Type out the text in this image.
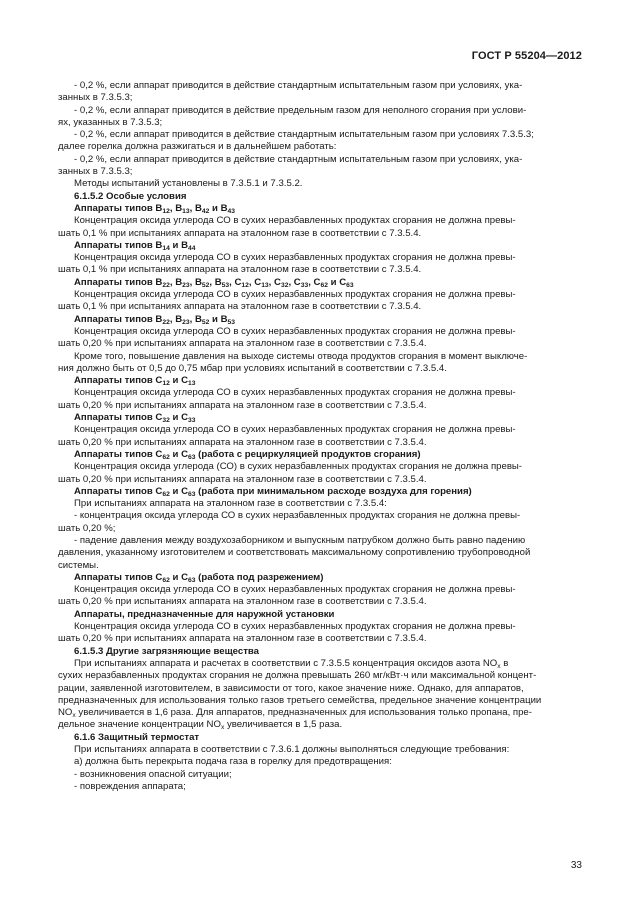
ГОСТ Р 55204—2012

- 0,2 %, если аппарат приводится в действие стандартным испытательным газом при условиях, ука-

занных в 7.3.5.3;

- 0,2 %, если аппарат приводится в действие предельным газом для неполного сгорания при услови-

ях, указанных в 7.3.5.3;

- 0,2 %, если аппарат приводится в действие стандартным испытательным газом при условиях 7.3.5.3;

далее горелка должна разжигаться и в дальнейшем работать:

- 0,2 %, если аппарат приводится в действие стандартным испытательным газом при условиях, ука-

занных в 7.3.5.3;

Методы испытаний установлены в 7.3.5.1 и 7.3.5.2.

6.1.5.2 Особые условия

Аппараты типов $B_{12}$, $B_{13}$, $B_{42}$ и $B_{43}$

Концентрация оксида углерода СО в сухих неразбавленных продуктах сгорания не должна превы-

шать 0,1 % при испытаниях аппарата на эталонном газе в соответствии с 7.3.5.4.

Аппараты типов $B_{14}$ и $B_{44}$

Концентрация оксида углерода СО в сухих неразбавленных продуктах сгорания не должна превы-

шать 0,1 % при испытаниях аппарата на эталонном газе в соответствии с 7.3.5.4.

Аппараты типов $B_{22}$, $B_{23}$, $B_{52}$, $B_{53}$, $C_{12}$, $C_{13}$, $C_{32}$, $C_{33}$, $C_{62}$ и $C_{63}$

Концентрация оксида углерода СО в сухих неразбавленных продуктах сгорания не должна превы-

шать 0,1 % при испытаниях аппарата на эталонном газе в соответствии с 7.3.5.4.

Аппараты типов $B_{22}$, $B_{23}$, $B_{52}$ и $B_{53}$

Концентрация оксида углерода СО в сухих неразбавленных продуктах сгорания не должна превы-

шать 0,20 % при испытаниях аппарата на эталонном газе в соответствии с 7.3.5.4.

Кроме того, повышение давления на выходе системы отвода продуктов сгорания в момент выключе-

ния должно быть от 0,5 до 0,75 мбар при условиях испытаний в соответствии с 7.3.5.4.

Аппараты типов $C_{12}$ и $C_{13}$

Концентрация оксида углерода СО в сухих неразбавленных продуктах сгорания не должна превы-

шать 0,20 % при испытаниях аппарата на эталонном газе в соответствии с 7.3.5.4.

Аппараты типов $C_{32}$ и $C_{33}$

Концентрация оксида углерода СО в сухих неразбавленных продуктах сгорания не должна превы-

шать 0,20 % при испытаниях аппарата на эталонном газе в соответствии с 7.3.5.4.

Аппараты типов $C_{62}$ и $C_{63}$ (работа с рециркуляцией продуктов сгорания)

Концентрация оксида углерода (СО) в сухих неразбавленных продуктах сгорания не должна превы-

шать 0,20 % при испытаниях аппарата на эталонном газе в соответствии с 7.3.5.4.

Аппараты типов $C_{62}$ и $C_{63}$ (работа при минимальном расходе воздуха для горения)

При испытаниях аппарата на эталонном газе в соответствии с 7.3.5.4:

- концентрация оксида углерода СО в сухих неразбавленных продуктах сгорания не должна превы-

шать 0,20 %;

- падение давления между воздухозаборником и выпускным патрубком должно быть равно падению

давления, указанному изготовителем и соответствовать максимальному сопротивлению трубопроводной

системы.

Аппараты типов $C_{62}$ и $C_{63}$ (работа под разрежением)

Концентрация оксида углерода СО в сухих неразбавленных продуктах сгорания не должна превы-

шать 0,20 % при испытаниях аппарата на эталонном газе в соответствии с 7.3.5.4.

Аппараты, предназначенные для наружной установки

Концентрация оксида углерода СО в сухих неразбавленных продуктах сгорания не должна превы-

шать 0,20 % при испытаниях аппарата на эталонном газе в соответствии с 7.3.5.4.

6.1.5.3 Другие загрязняющие вещества

При испытаниях аппарата и расчетах в соответствии с 7.3.5.5 концентрация оксидов азота $NO_x$ в

сухих неразбавленных продуктах сгорания не должна превышать 260 мг/кВт·ч или максимальной концент-

рации, заявленной изготовителем, в зависимости от того, какое значение ниже. Однако, для аппаратов,

предназначенных для использования только газов третьего семейства, предельное значение концентрации

$NO_x$ увеличивается в 1,6 раза. Для аппаратов, предназначенных для использования только пропана, пре-

дельное значение концентрации $NO_x$ увеличивается в 1,5 раза.

6.1.6 Защитный термостат

При испытаниях аппарата в соответствии с 7.3.6.1 должны выполняться следующие требования:

а) должна быть перекрыта подача газа в горелку для предотвращения:

- возникновения опасной ситуации;

- повреждения аппарата;

33
